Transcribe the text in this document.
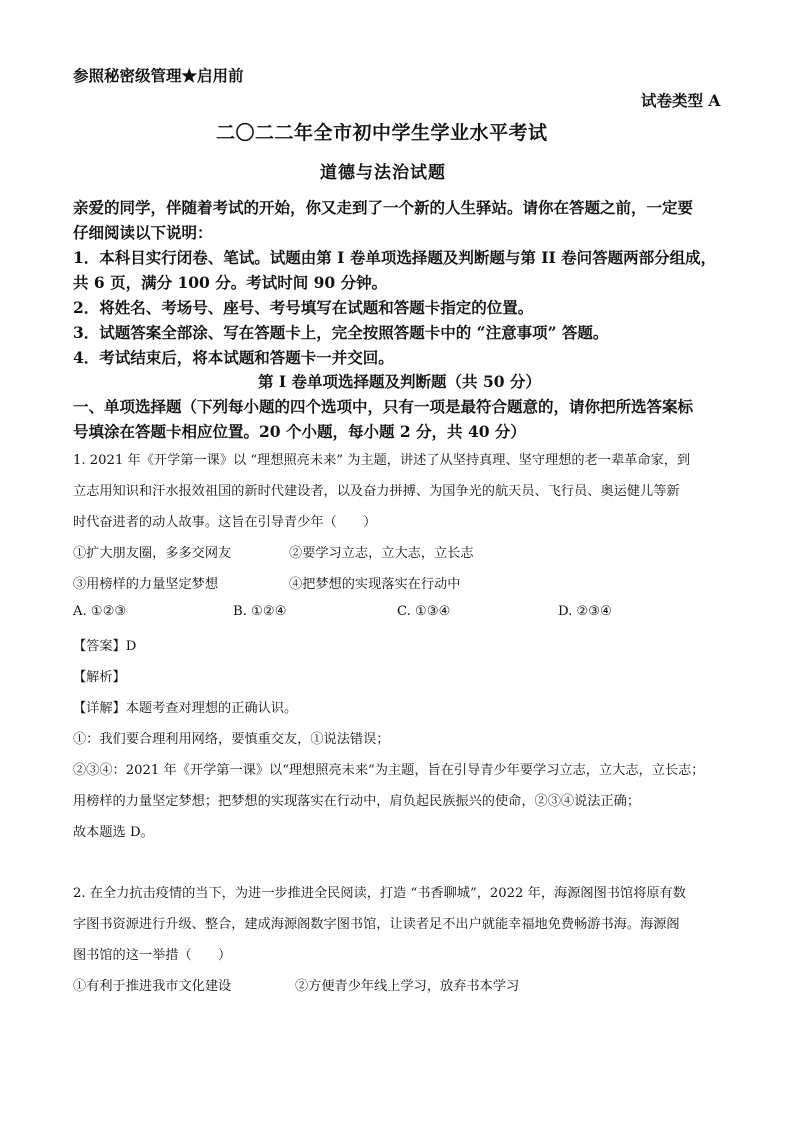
参照秘密级管理★启用前
试卷类型 A
二〇二二年全市初中学生学业水平考试
道德与法治试题
亲爱的同学，伴随着考试的开始，你又走到了一个新的人生驿站。请你在答题之前，一定要
仔细阅读以下说明：
1．本科目实行闭卷、笔试。试题由第 I 卷单项选择题及判断题与第 II 卷问答题两部分组成，
共 6 页，满分 100 分。考试时间 90 分钟。
2．将姓名、考场号、座号、考号填写在试题和答题卡指定的位置。
3．试题答案全部涂、写在答题卡上，完全按照答题卡中的 “注意事项” 答题。
4．考试结束后，将本试题和答题卡一并交回。
第 I 卷单项选择题及判断题（共 50 分）
一、单项选择题（下列每小题的四个选项中，只有一项是最符合题意的，请你把所选答案标
号填涂在答题卡相应位置。20 个小题，每小题 2 分，共 40 分）
1. 2021 年《开学第一课》以 “理想照亮未来” 为主题，讲述了从坚持真理、坚守理想的老一辈革命家，到
立志用知识和汗水报效祖国的新时代建设者，以及奋力拼搏、为国争光的航天员、飞行员、奥运健儿等新
时代奋进者的动人故事。这旨在引导青少年（　　）
①扩大朋友圈，多多交网友	②要学习立志，立大志，立长志
③用榜样的力量坚定梦想	④把梦想的实现落实在行动中
A. ①②③	B. ①②④	C. ①③④	D. ②③④
【答案】D
【解析】
【详解】本题考查对理想的正确认识。
①：我们要合理利用网络，要慎重交友，①说法错误；
②③④：2021 年《开学第一课》以“理想照亮未来”为主题，旨在引导青少年要学习立志，立大志，立长志；
用榜样的力量坚定梦想；把梦想的实现落实在行动中，肩负起民族振兴的使命，②③④说法正确；
故本题选 D。
2. 在全力抗击疫情的当下，为进一步推进全民阅读，打造 “书香聊城”，2022 年，海源阁图书馆将原有数
字图书资源进行升级、整合，建成海源阁数字图书馆，让读者足不出户就能幸福地免费畅游书海。海源阁
图书馆的这一举措（　　）
①有利于推进我市文化建设	②方便青少年线上学习，放弃书本学习
